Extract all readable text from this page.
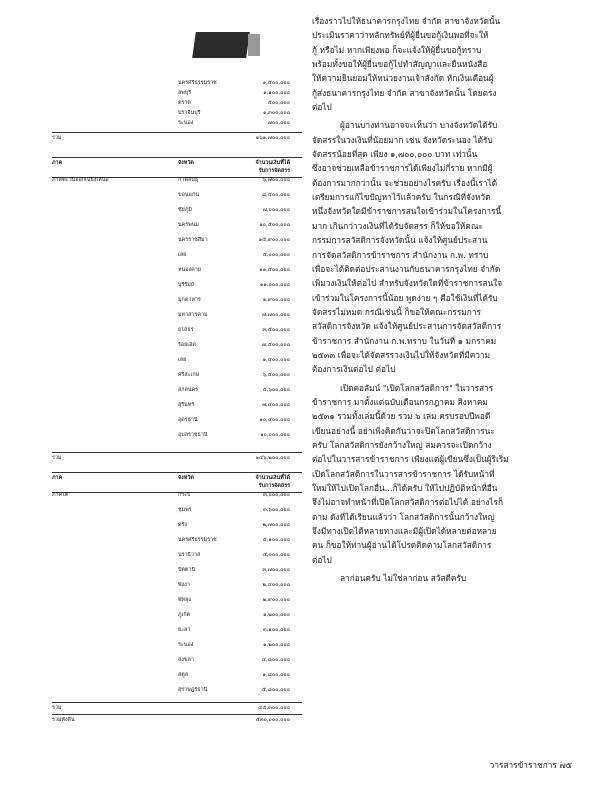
นครศรีธรรมราช	๑,๕๐๐,๐๐๐
ลพบุรี	๑,๑๐๐,๐๐๐
ตราด	๕๐๐,๐๐๐
ปราจีนบุรี	๑,๓๐๐,๐๐๐
ระนอง	๗๐๐,๐๐๐
รวม	๑๖๑,๗๐๐,๐๐๐
ภาค	จังหวัด	จำนวนเงินที่ได้
รับการจัดสรร
ภาคตะวันออกเฉียงเหนือ	กาฬสินธุ์	๖,๗๐๐,๐๐๐
ขอนแก่น	๘,๕๐๐,๐๐๐
ชัยภูมิ	๗,๐๐๐,๐๐๐
นครพนม	๑๐,๕๐๐,๐๐๐
นครราชสีมา	๑๕,๙๐๐,๐๐๐
เลย	๕,๐๐๐,๐๐๐
หนองคาย	๑๑,๕๐๐,๐๐๐
บุรีรัมย์	๑๑,๐๐๐,๐๐๐
มุกดาหาร	๑,๙๐๐,๐๐๐
มหาสารคาม	๗,๗๐๐,๐๐๐
ยโสธร	๓,๕๐๐,๐๐๐
ร้อยเอ็ด	๗,๕๐๐,๐๐๐
เลย	๑,๔๐๐,๐๐๐
ศรีสะเกษ	๖,๕๐๐,๐๐๐
สกลนคร	๕,๖๐๐,๐๐๐
สุรินทร์	๗,๔๐๐,๐๐๐
อุดรธานี	๑๐,๔๐๐,๐๐๐
อุบลราชธานี	๑๐,๐๐๐,๐๐๐
รวม	๑๔๖,๒๐๐,๐๐๐
ภาค	จังหวัด	จำนวนเงินที่ได้
รับการจัดสรร
ภาคใต้	กระบี่	๓,๐๐๐,๐๐๐
ชุมพร	๓,๖๐๐,๐๐๐
ตรัง	๒,๗๐๐,๐๐๐
นครศรีธรรมราช	๕,๑๐๐,๐๐๐
นราธิวาส	๔,๐๐๐,๐๐๐
ปัตตานี	๓,๗๐๐,๐๐๐
พังงา	๒,๔๐๐,๐๐๐
พัทลุง	๒,๙๐๐,๐๐๐
ภูเก็ต	๑,๒๐๐,๐๐๐
ยะลา	๓,๑๐๐,๐๐๐
ระนอง	๑,๒๐๐,๐๐๐
สงขลา	๔,๘๐๐,๐๐๐
สตูล	๑,๘๐๐,๐๐๐
สุราษฎร์ธานี	๕,๘๐๐,๐๐๐
รวม	๔๕,๓๐๐,๐๐๐
รวมทั้งสิ้น	๕๓๐,๐๐๐,๐๐๐

เรื่องราวไปให้ธนาคารกรุงไทย จำกัด สาขาจังหวัดนั้น

ประเมินราคาว่าหลักทรัพย์ที่ผู้ยื่นขอกู้เงินพอที่จะให้

กู้ หรือไม่ หากเพียงพอ ก็จะแจ้งให้ผู้ยื่นขอกู้ทราบ

พร้อมทั้งขอให้ผู้ยื่นขอกู้ไปทำสัญญาและยื่นหนังสือ

ให้ความยินยอมให้หน่วยงานเจ้าสังกัด หักเงินเดือนผู้

กู้ส่งธนาคารกรุงไทย จำกัด สาขาจังหวัดนั้น โดยตรง

ต่อไป

ผู้อ่านบางท่านอาจจะเห็นว่า บางจังหวัดได้รับ

จัดสรรในวงเงินที่น้อยมาก เช่น จังหวัดระนอง ได้รับ

จัดสรรน้อยที่สุด เพียง ๑,๗๐๐,๐๐๐ บาท เท่านั้น

ซึ่งอาจช่วยเหลือข้าราชการได้เพียงไม่กี่ราย หากมีผู้

ต้องการมากกว่านั้น จะช่วยอย่างไรครับ เรื่องนี้เราได้

เตรียมการแก้ไขปัญหาไว้แล้วครับ ในกรณีที่จังหวัด

หนึ่งจังหวัดใดมีข้าราชการสนใจเข้าร่วมในโครงการนี้

มาก เกินกว่าวงเงินที่ได้รับจัดสรร ก็ให้ขอให้คณะ

กรรมการสวัสดิการจังหวัดนั้น แจ้งให้ศูนย์ประสาน

การจัดสวัสดิการข้าราชการ สำนักงาน ก.พ. ทราบ

เพื่อจะได้ติดต่อประสานงานกับธนาคารกรุงไทย จำกัด

เพิ่มวงเงินให้ต่อไป สำหรับจังหวัดใดที่ข้าราชการสนใจ

เข้าร่วมในโครงการนี้น้อย พูดง่าย ๆ คือใช้เงินที่ได้รับ

จัดสรรไม่หมด กรณีเช่นนี้ ก็ขอให้คณะกรรมการ

สวัสดิการจังหวัด แจ้งให้ศูนย์ประสานการจัดสวัสดิการ

ข้าราชการ สำนักงาน ก.พ.ทราบ ในวันที่ ๑ มกราคม

๒๕๓๓ เพื่อจะได้จัดสรรวงเงินไปให้จังหวัดที่มีความ

ต้องการเงินต่อไป ต่อไป

เปิดคอลัมน์ "เปิดโลกสวัสดิการ" ในวารสาร

ข้าราชการ มาตั้งแต่ฉบับเดือนกรกฎาคม สิงหาคม

๒๕๓๑ รวมทั้งเล่มนี้ด้วย รวม ๖ เล่ม ครบรอบปีพอดี

เขียนอย่างนี้ อย่าเพิ่งคิดกันว่าจะปิดโลกสวัสดิการนะ

ครับ โลกสวัสดิการยังกว้างใหญ่ สมควรจะเปิดกว้าง

ต่อไปในวารสารข้าราชการ เพียงแต่ผู้เขียนซึ่งเป็นผู้ริเริ่ม

เปิดโลกสวัสดิการในวารสารข้าราชการ ได้รับหน้าที่

ใหม่ให้ไปเปิดโลกอื่น...ก็ได้ครับ ให้ไปปฏิบัติหน้าที่อื่น

จึงไม่อาจทำหน้าที่เปิดโลกสวัสดิการต่อไปได้ อย่างไรก็

ตาม ดังที่ได้เรียนแล้วว่า โลกสวัสดิการนั้นกว้างใหญ่

จึงมีทางเปิดได้หลายทางและมีผู้เปิดได้หลายต่อหลาย

คน ก็ขอให้ท่านผู้อ่านได้โปรดติดตามโลกสวัสดิการ

ต่อไป

ลาก่อนครับ ไม่ใช่ลาก่อน สวัสดีครับ

วารสารข้าราชการ ๗๕
